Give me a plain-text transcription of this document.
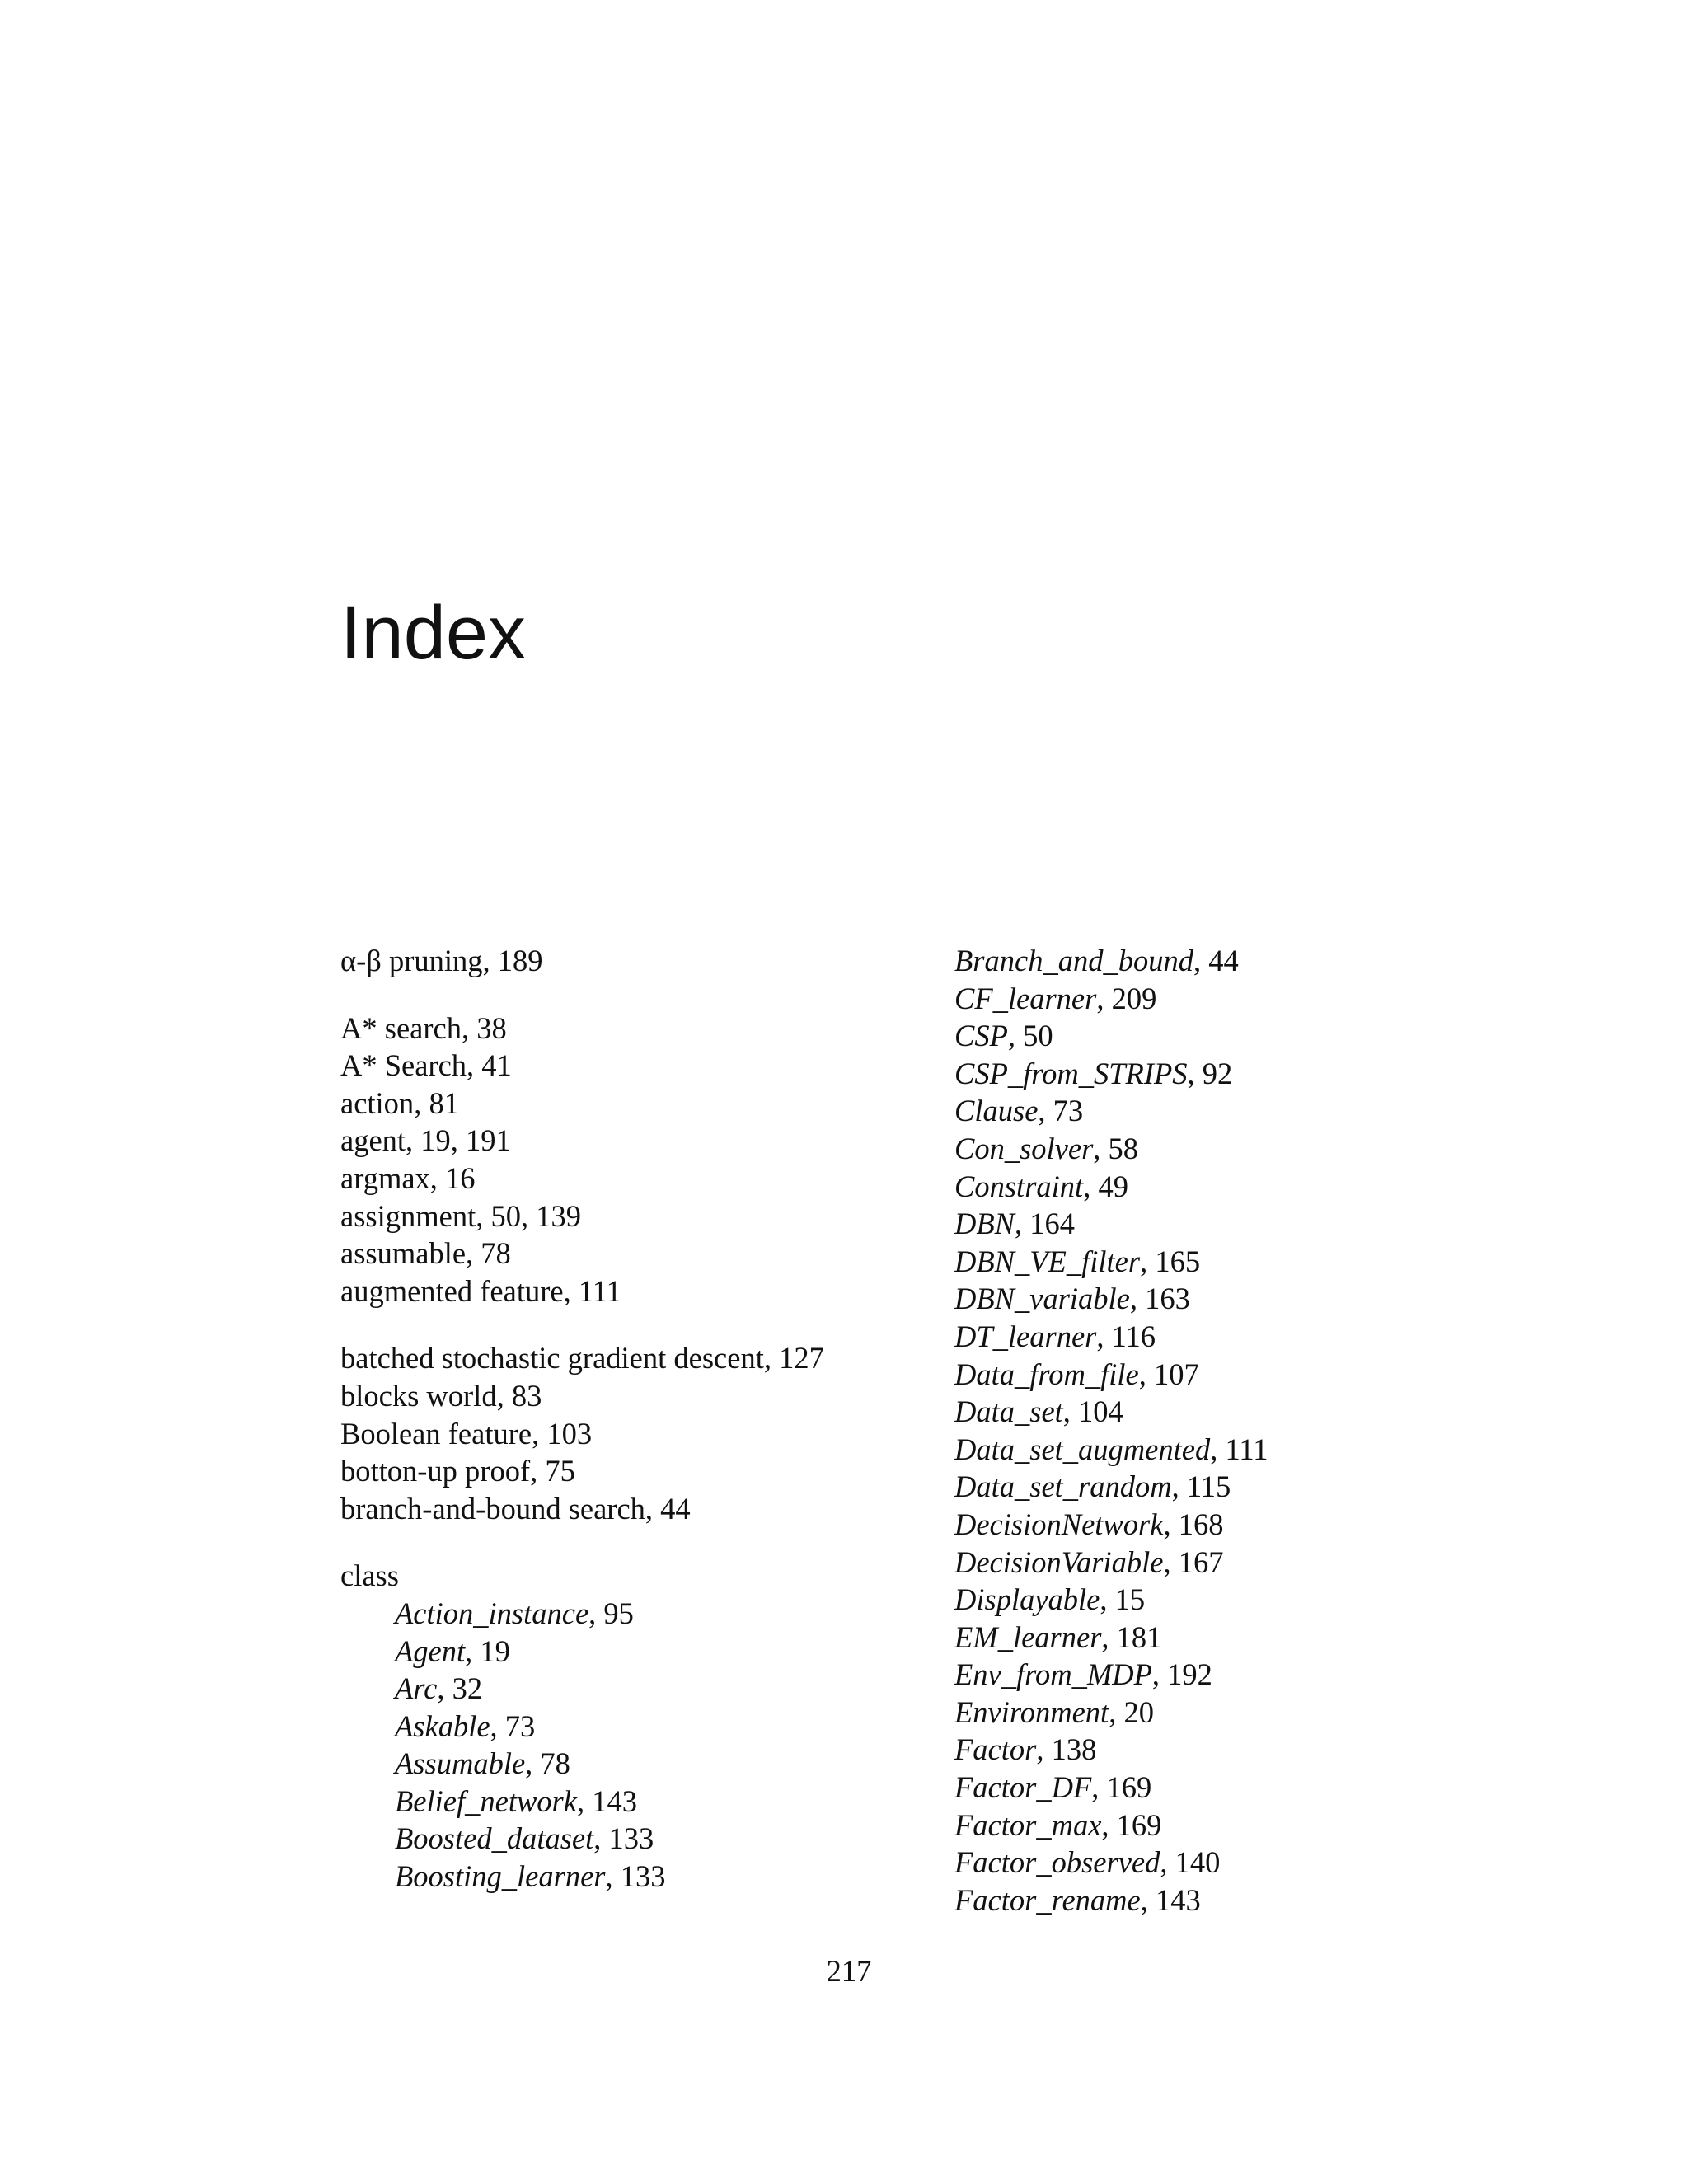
Index
α-β pruning, 189
A* search, 38
A* Search, 41
action, 81
agent, 19, 191
argmax, 16
assignment, 50, 139
assumable, 78
augmented feature, 111
batched stochastic gradient descent, 127
blocks world, 83
Boolean feature, 103
botton-up proof, 75
branch-and-bound search, 44
class
Action_instance, 95
Agent, 19
Arc, 32
Askable, 73
Assumable, 78
Belief_network, 143
Boosted_dataset, 133
Boosting_learner, 133
Branch_and_bound, 44
CF_learner, 209
CSP, 50
CSP_from_STRIPS, 92
Clause, 73
Con_solver, 58
Constraint, 49
DBN, 164
DBN_VE_filter, 165
DBN_variable, 163
DT_learner, 116
Data_from_file, 107
Data_set, 104
Data_set_augmented, 111
Data_set_random, 115
DecisionNetwork, 168
DecisionVariable, 167
Displayable, 15
EM_learner, 181
Env_from_MDP, 192
Environment, 20
Factor, 138
Factor_DF, 169
Factor_max, 169
Factor_observed, 140
Factor_rename, 143
217
